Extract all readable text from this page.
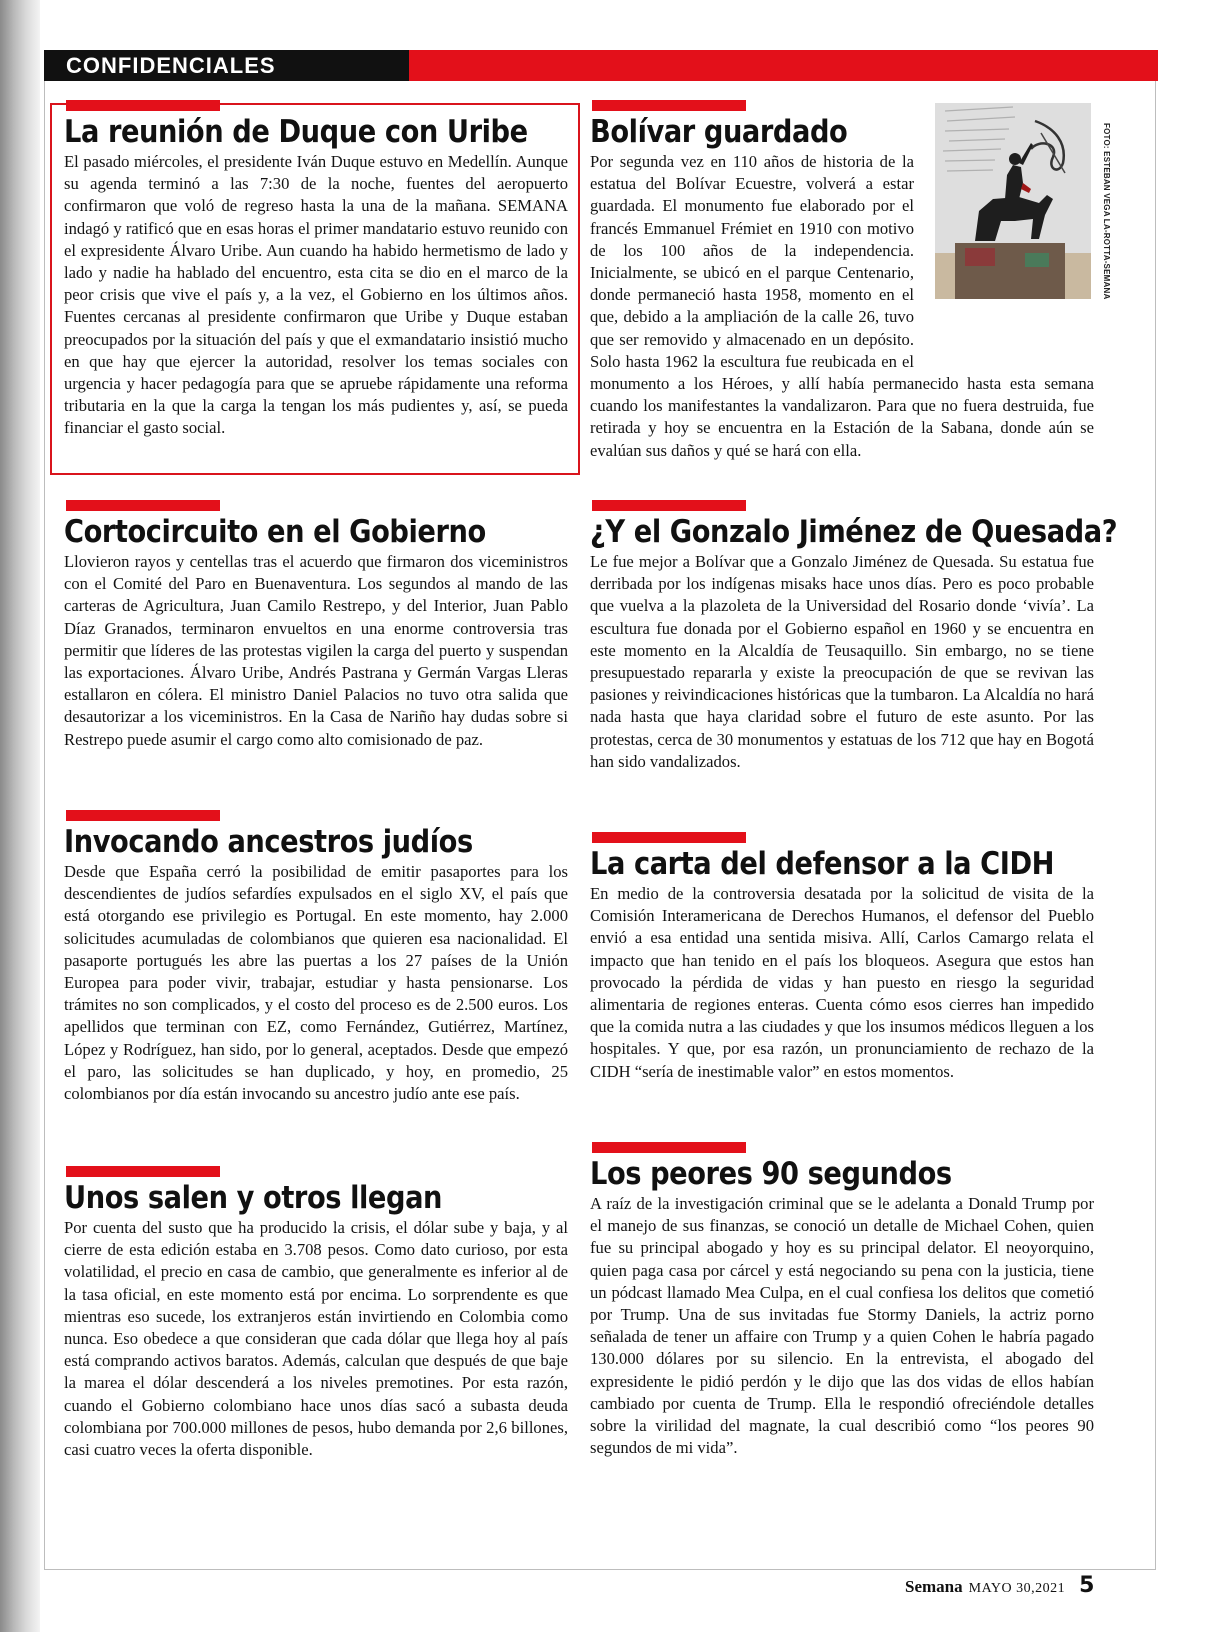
CONFIDENCIALES
La reunión de Duque con Uribe

El pasado miércoles, el presidente Iván Duque estuvo en Medellín. Aunque su agenda terminó a las 7:30 de la noche, fuentes del aeropuerto confirmaron que voló de regreso hasta la una de la mañana. SEMANA indagó y ratificó que en esas horas el primer mandatario estuvo reunido con el expresidente Álvaro Uribe. Aun cuando ha habido hermetismo de lado y lado y nadie ha hablado del encuentro, esta cita se dio en el marco de la peor crisis que vive el país y, a la vez, el Gobierno en los últimos años. Fuentes cercanas al presidente confirmaron que Uribe y Duque estaban preocupados por la situación del país y que el exmandatario insistió mucho en que hay que ejercer la autoridad, resolver los temas sociales con urgencia y hacer pedagogía para que se apruebe rápidamente una reforma tributaria en la que la carga la tengan los más pudientes y, así, se pueda financiar el gasto social.

Cortocircuito en el Gobierno

Llovieron rayos y centellas tras el acuerdo que firmaron dos viceministros con el Comité del Paro en Buenaventura. Los segundos al mando de las carteras de Agricultura, Juan Camilo Restrepo, y del Interior, Juan Pablo Díaz Granados, terminaron envueltos en una enorme controversia tras permitir que líderes de las protestas vigilen la carga del puerto y suspendan las exportaciones. Álvaro Uribe, Andrés Pastrana y Germán Vargas Lleras estallaron en cólera. El ministro Daniel Palacios no tuvo otra salida que desautorizar a los viceministros. En la Casa de Nariño hay dudas sobre si Restrepo puede asumir el cargo como alto comisionado de paz.

Invocando ancestros judíos

Desde que España cerró la posibilidad de emitir pasaportes para los descendientes de judíos sefardíes expulsados en el siglo XV, el país que está otorgando ese privilegio es Portugal. En este momento, hay 2.000 solicitudes acumuladas de colombianos que quieren esa nacionalidad. El pasaporte portugués les abre las puertas a los 27 países de la Unión Europea para poder vivir, trabajar, estudiar y hasta pensionarse. Los trámites no son complicados, y el costo del proceso es de 2.500 euros. Los apellidos que terminan con EZ, como Fernández, Gutiérrez, Martínez, López y Rodríguez, han sido, por lo general, aceptados. Desde que empezó el paro, las solicitudes se han duplicado, y hoy, en promedio, 25 colombianos por día están invocando su ancestro judío ante ese país.

Unos salen y otros llegan

Por cuenta del susto que ha producido la crisis, el dólar sube y baja, y al cierre de esta edición estaba en 3.708 pesos. Como dato curioso, por esta volatilidad, el precio en casa de cambio, que generalmente es inferior al de la tasa oficial, en este momento está por encima. Lo sorprendente es que mientras eso sucede, los extranjeros están invirtiendo en Colombia como nunca. Eso obedece a que consideran que cada dólar que llega hoy al país está comprando activos baratos. Además, calculan que después de que baje la marea el dólar descenderá a los niveles premotines. Por esta razón, cuando el Gobierno colombiano hace unos días sacó a subasta deuda colombiana por 700.000 millones de pesos, hubo demanda por 2,6 billones, casi cuatro veces la oferta disponible.

Bolívar guardado

Por segunda vez en 110 años de historia de la estatua del Bolívar Ecuestre, volverá a estar guardada. El monumento fue elaborado por el francés Emmanuel Frémiet en 1910 con motivo de los 100 años de la independencia. Inicialmente, se ubicó en el parque Centenario, donde permaneció hasta 1958, momento en el que, debido a la ampliación de la calle 26, tuvo que ser removido y almacenado en un depósito. Solo hasta 1962 la escultura fue reubicada en el monumento a los Héroes, y allí había permanecido hasta esta semana cuando los manifestantes la vandalizaron. Para que no fuera destruida, fue retirada y hoy se encuentra en la Estación de la Sabana, donde aún se evalúan sus daños y qué se hará con ella.

FOTO: ESTEBAN VEGA LA-ROTTA-SEMANA
¿Y el Gonzalo Jiménez de Quesada?

Le fue mejor a Bolívar que a Gonzalo Jiménez de Quesada. Su estatua fue derribada por los indígenas misaks hace unos días. Pero es poco probable que vuelva a la plazoleta de la Universidad del Rosario donde ‘vivía’. La escultura fue donada por el Gobierno español en 1960 y se encuentra en este momento en la Alcaldía de Teusaquillo. Sin embargo, no se tiene presupuestado repararla y existe la preocupación de que se revivan las pasiones y reivindicaciones históricas que la tumbaron. La Alcaldía no hará nada hasta que haya claridad sobre el futuro de este asunto. Por las protestas, cerca de 30 monumentos y estatuas de los 712 que hay en Bogotá han sido vandalizados.

La carta del defensor a la CIDH

En medio de la controversia desatada por la solicitud de visita de la Comisión Interamericana de Derechos Humanos, el defensor del Pueblo envió a esa entidad una sentida misiva. Allí, Carlos Camargo relata el impacto que han tenido en el país los bloqueos. Asegura que estos han provocado la pérdida de vidas y han puesto en riesgo la seguridad alimentaria de regiones enteras. Cuenta cómo esos cierres han impedido que la comida nutra a las ciudades y que los insumos médicos lleguen a los hospitales. Y que, por esa razón, un pronunciamiento de rechazo de la CIDH “sería de inestimable valor” en estos momentos.

Los peores 90 segundos

A raíz de la investigación criminal que se le adelanta a Donald Trump por el manejo de sus finanzas, se conoció un detalle de Michael Cohen, quien fue su principal abogado y hoy es su principal delator. El neoyorquino, quien paga casa por cárcel y está negociando su pena con la justicia, tiene un pódcast llamado Mea Culpa, en el cual confiesa los delitos que cometió por Trump. Una de sus invitadas fue Stormy Daniels, la actriz porno señalada de tener un affaire con Trump y a quien Cohen le habría pagado 130.000 dólares por su silencio. En la entrevista, el abogado del expresidente le pidió perdón y le dijo que las dos vidas de ellos habían cambiado por cuenta de Trump. Ella le respondió ofreciéndole detalles sobre la virilidad del magnate, la cual describió como “los peores 90 segundos de mi vida”.

Semana MAYO 30,2021 5
